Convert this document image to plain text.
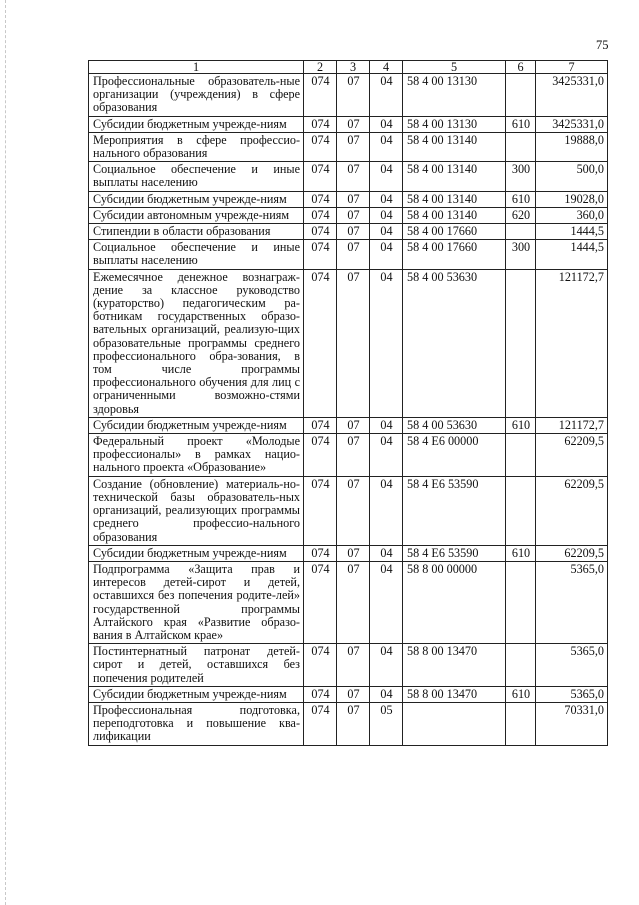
75
1	2	3	4	5	6	7
Профессиональные образователь-ные организации (учреждения) в сфере образования	074	07	04	58 4 00 13130		3425331,0
Субсидии бюджетным учрежде-ниям	074	07	04	58 4 00 13130	610	3425331,0
Мероприятия в сфере профессио-нального образования	074	07	04	58 4 00 13140		19888,0
Социальное обеспечение и иные выплаты населению	074	07	04	58 4 00 13140	300	500,0
Субсидии бюджетным учрежде-ниям	074	07	04	58 4 00 13140	610	19028,0
Субсидии автономным учрежде-ниям	074	07	04	58 4 00 13140	620	360,0
Стипендии в области образования	074	07	04	58 4 00 17660		1444,5
Социальное обеспечение и иные выплаты населению	074	07	04	58 4 00 17660	300	1444,5
Ежемесячное денежное вознаграж-дение за классное руководство (кураторство) педагогическим ра-ботникам государственных образо-вательных организаций, реализую-щих образовательные программы среднего профессионального обра-зования, в том числе программы профессионального обучения для лиц с ограниченными возможно-стями здоровья	074	07	04	58 4 00 53630		121172,7
Субсидии бюджетным учрежде-ниям	074	07	04	58 4 00 53630	610	121172,7
Федеральный проект «Молодые профессионалы» в рамках нацио-нального проекта «Образование»	074	07	04	58 4 E6 00000		62209,5
Создание (обновление) материаль-но-технической базы образователь-ных организаций, реализующих программы среднего профессио-нального образования	074	07	04	58 4 E6 53590		62209,5
Субсидии бюджетным учрежде-ниям	074	07	04	58 4 E6 53590	610	62209,5
Подпрограмма «Защита прав и интересов детей-сирот и детей, оставшихся без попечения родите-лей» государственной программы Алтайского края «Развитие образо-вания в Алтайском крае»	074	07	04	58 8 00 00000		5365,0
Постинтернатный патронат детей-сирот и детей, оставшихся без попечения родителей	074	07	04	58 8 00 13470		5365,0
Субсидии бюджетным учрежде-ниям	074	07	04	58 8 00 13470	610	5365,0
Профессиональная подготовка, переподготовка и повышение ква-лификации	074	07	05			70331,0
